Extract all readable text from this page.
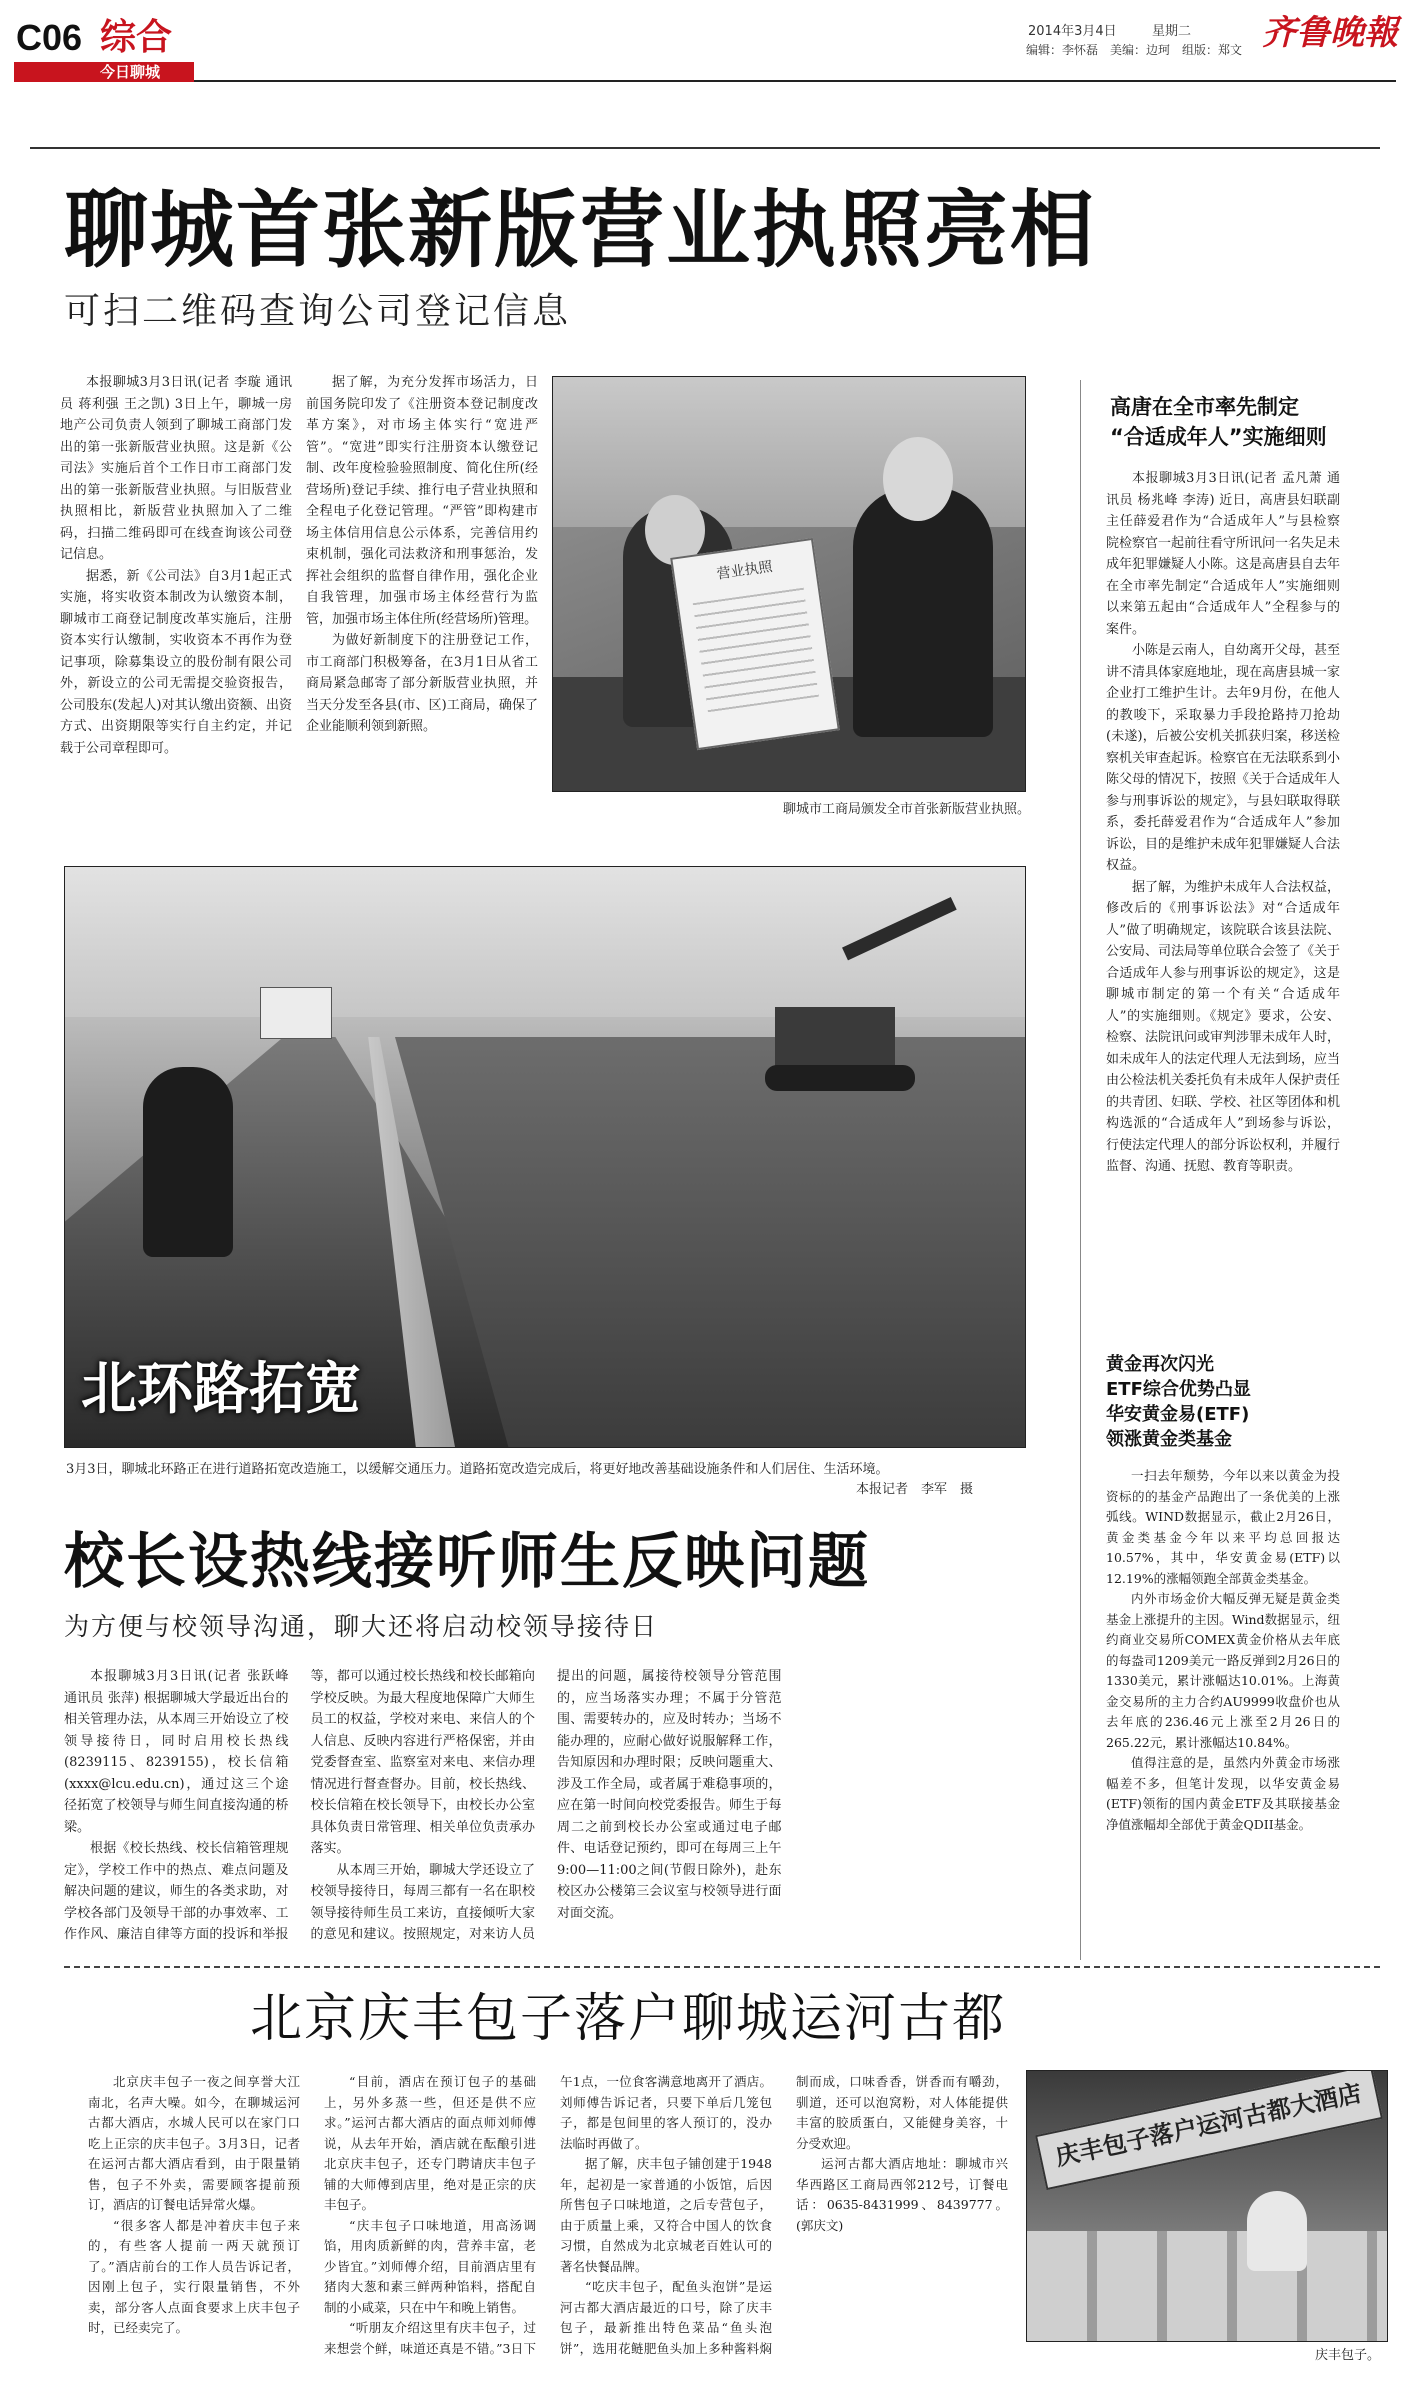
C06 综合
今日聊城
2014年3月4日	星期二
编辑：李怀磊　美编：边珂　组版：郑文 齐鲁晚報
聊城首张新版营业执照亮相
可扫二维码查询公司登记信息

本报聊城3月3日讯(记者 李璇 通讯员 蒋利强 王之凯) 3日上午，聊城一房地产公司负责人领到了聊城工商部门发出的第一张新版营业执照。这是新《公司法》实施后首个工作日市工商部门发出的第一张新版营业执照。与旧版营业执照相比，新版营业执照加入了二维码，扫描二维码即可在线查询该公司登记信息。

据悉，新《公司法》自3月1起正式实施，将实收资本制改为认缴资本制，聊城市工商登记制度改革实施后，注册资本实行认缴制，实收资本不再作为登记事项，除募集设立的股份制有限公司外，新设立的公司无需提交验资报告，公司股东(发起人)对其认缴出资额、出资方式、出资期限等实行自主约定，并记载于公司章程即可。

据了解，为充分发挥市场活力，日前国务院印发了《注册资本登记制度改革方案》，对市场主体实行“宽进严管”。“宽进”即实行注册资本认缴登记制、改年度检验验照制度、简化住所(经营场所)登记手续、推行电子营业执照和全程电子化登记管理。“严管”即构建市场主体信用信息公示体系，完善信用约束机制，强化司法救济和刑事惩治，发挥社会组织的监督自律作用，强化企业自我管理，加强市场主体经营行为监管，加强市场主体住所(经营场所)管理。

为做好新制度下的注册登记工作，市工商部门积极筹备，在3月1日从省工商局紧急邮寄了部分新版营业执照，并当天分发至各县(市、区)工商局，确保了企业能顺利领到新照。

营业执照
聊城市工商局颁发全市首张新版营业执照。
北环路拓宽
3月3日，聊城北环路正在进行道路拓宽改造施工，以缓解交通压力。道路拓宽改造完成后，将更好地改善基础设施条件和人们居住、生活环境。
本报记者　李军　摄
校长设热线接听师生反映问题
为方便与校领导沟通，聊大还将启动校领导接待日

本报聊城3月3日讯(记者 张跃峰 通讯员 张萍) 根据聊城大学最近出台的相关管理办法，从本周三开始设立了校领导接待日，同时启用校长热线(8239115、8239155)，校长信箱(xxxx@lcu.edu.cn)，通过这三个途径拓宽了校领导与师生间直接沟通的桥梁。

根据《校长热线、校长信箱管理规定》，学校工作中的热点、难点问题及解决问题的建议，师生的各类求助，对学校各部门及领导干部的办事效率、工作作风、廉洁自律等方面的投诉和举报等，都可以通过校长热线和校长邮箱向学校反映。为最大程度地保障广大师生员工的权益，学校对来电、来信人的个人信息、反映内容进行严格保密，并由党委督查室、监察室对来电、来信办理情况进行督查督办。目前，校长热线、校长信箱在校长领导下，由校长办公室具体负责日常管理、相关单位负责承办落实。

从本周三开始，聊城大学还设立了校领导接待日，每周三都有一名在职校领导接待师生员工来访，直接倾听大家的意见和建议。按照规定，对来访人员提出的问题，属接待校领导分管范围的，应当场落实办理；不属于分管范围、需要转办的，应及时转办；当场不能办理的，应耐心做好说服解释工作，告知原因和办理时限；反映问题重大、涉及工作全局，或者属于难稳事项的，应在第一时间向校党委报告。师生于每周二之前到校长办公室或通过电子邮件、电话登记预约，即可在每周三上午9:00—11:00之间(节假日除外)，赴东校区办公楼第三会议室与校领导进行面对面交流。

高唐在全市率先制定
“合适成年人”实施细则

本报聊城3月3日讯(记者 孟凡萧 通讯员 杨兆峰 李涛) 近日，高唐县妇联副主任薛爱君作为“合适成年人”与县检察院检察官一起前往看守所讯问一名失足未成年犯罪嫌疑人小陈。这是高唐县自去年在全市率先制定“合适成年人”实施细则以来第五起由“合适成年人”全程参与的案件。

小陈是云南人，自幼离开父母，甚至讲不清具体家庭地址，现在高唐县城一家企业打工维护生计。去年9月份，在他人的教唆下，采取暴力手段抢路持刀抢劫(未遂)，后被公安机关抓获归案，移送检察机关审查起诉。检察官在无法联系到小陈父母的情况下，按照《关于合适成年人参与刑事诉讼的规定》，与县妇联取得联系，委托薛爱君作为“合适成年人”参加诉讼，目的是维护未成年犯罪嫌疑人合法权益。

据了解，为维护未成年人合法权益，修改后的《刑事诉讼法》对“合适成年人”做了明确规定，该院联合该县法院、公安局、司法局等单位联合会签了《关于合适成年人参与刑事诉讼的规定》，这是聊城市制定的第一个有关“合适成年人”的实施细则。《规定》要求，公安、检察、法院讯问或审判涉罪未成年人时，如未成年人的法定代理人无法到场，应当由公检法机关委托负有未成年人保护责任的共青团、妇联、学校、社区等团体和机构选派的“合适成年人”到场参与诉讼，行使法定代理人的部分诉讼权利，并履行监督、沟通、抚慰、教育等职责。

黄金再次闪光
ETF综合优势凸显
华安黄金易(ETF)
领涨黄金类基金

一扫去年颓势，今年以来以黄金为投资标的的基金产品跑出了一条优美的上涨弧线。WIND数据显示，截止2月26日，黄金类基金今年以来平均总回报达10.57%，其中，华安黄金易(ETF)以12.19%的涨幅领跑全部黄金类基金。

内外市场金价大幅反弹无疑是黄金类基金上涨提升的主因。Wind数据显示，纽约商业交易所COMEX黄金价格从去年底的每盎司1209美元一路反弹到2月26日的1330美元，累计涨幅达10.01%。上海黄金交易所的主力合约AU9999收盘价也从去年底的236.46元上涨至2月26日的265.22元，累计涨幅达10.84%。

值得注意的是，虽然内外黄金市场涨幅差不多，但笔计发现，以华安黄金易(ETF)领衔的国内黄金ETF及其联接基金净值涨幅却全部优于黄金QDII基金。

北京庆丰包子落户聊城运河古都

北京庆丰包子一夜之间享誉大江南北，名声大噪。如今，在聊城运河古都大酒店，水城人民可以在家门口吃上正宗的庆丰包子。3月3日，记者在运河古都大酒店看到，由于限量销售，包子不外卖，需要顾客提前预订，酒店的订餐电话异常火爆。

“很多客人都是冲着庆丰包子来的，有些客人提前一两天就预订了。”酒店前台的工作人员告诉记者，因刚上包子，实行限量销售，不外卖，部分客人点面食要求上庆丰包子时，已经卖完了。

“目前，酒店在预订包子的基础上，另外多蒸一些，但还是供不应求。”运河古都大酒店的面点师刘师傅说，从去年开始，酒店就在酝酿引进北京庆丰包子，还专门聘请庆丰包子铺的大师傅到店里，绝对是正宗的庆丰包子。

“庆丰包子口味地道，用高汤调馅，用肉质新鲜的肉，营养丰富，老少皆宜。”刘师傅介绍，目前酒店里有猪肉大葱和素三鲜两种馅料，搭配自制的小咸菜，只在中午和晚上销售。

“听朋友介绍这里有庆丰包子，过来想尝个鲜，味道还真是不错。”3日下午1点，一位食客满意地离开了酒店。刘师傅告诉记者，只要下单后几笼包子，都是包间里的客人预订的，没办法临时再做了。

据了解，庆丰包子铺创建于1948年，起初是一家普通的小饭馆，后因所售包子口味地道，之后专营包子，由于质量上乘，又符合中国人的饮食习惯，自然成为北京城老百姓认可的著名快餐品牌。

“吃庆丰包子，配鱼头泡饼”是运河古都大酒店最近的口号，除了庆丰包子，最新推出特色菜品“鱼头泡饼”，选用花鲢肥鱼头加上多种酱料焖制而成，口味香香，饼香而有嚼劲，驯道，还可以泡窝粉，对人体能提供丰富的胶质蛋白，又能健身美容，十分受欢迎。

运河古都大酒店地址：聊城市兴华西路区工商局西邻212号，订餐电话：0635-8431999、8439777。(郭庆文)

庆丰包子落户运河古都大酒店
庆丰包子。
